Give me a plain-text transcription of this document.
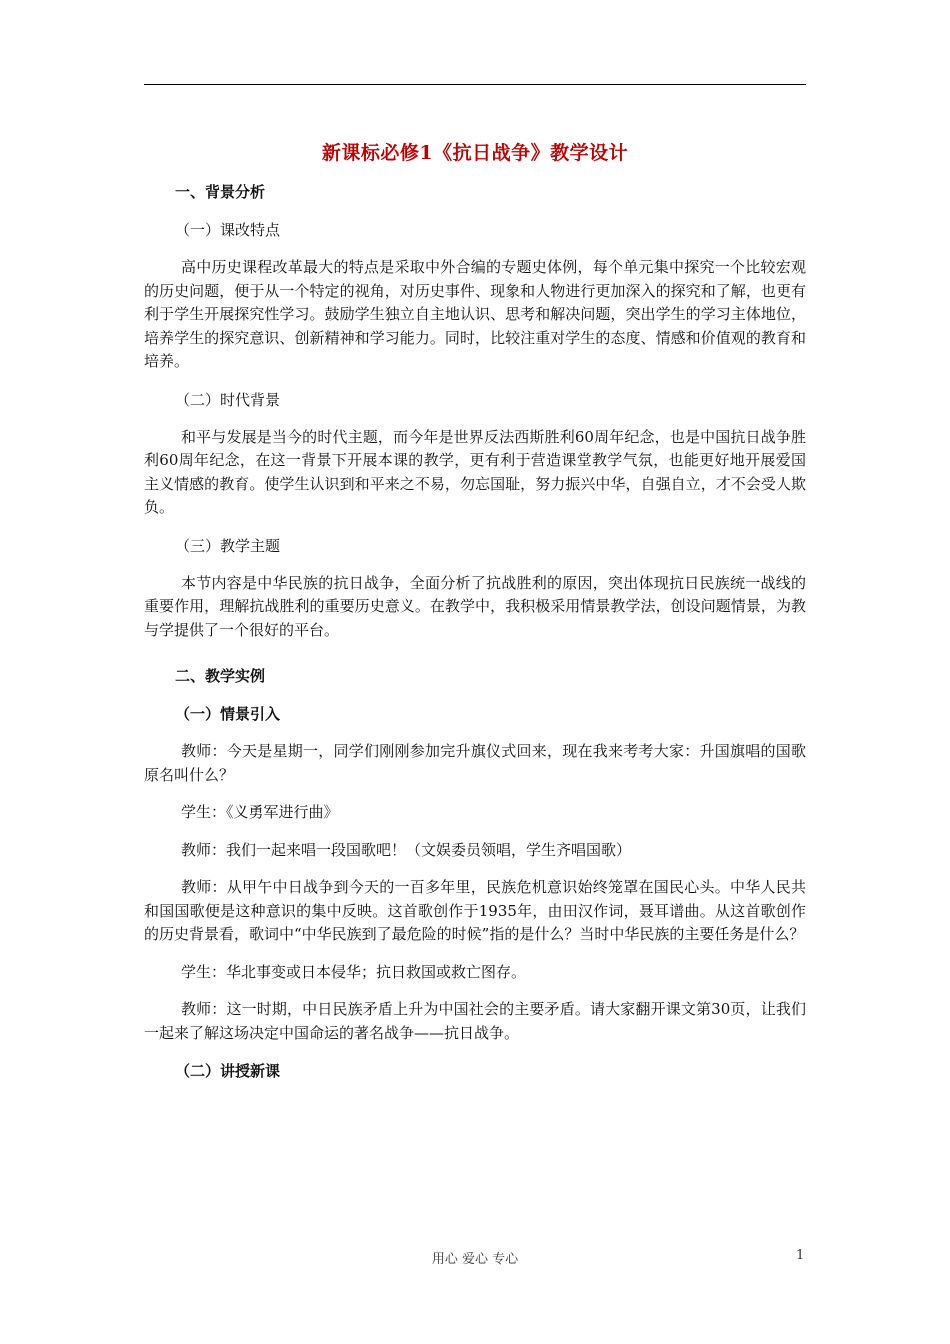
新课标必修1《抗日战争》教学设计
一、背景分析
（一）课改特点

高中历史课程改革最大的特点是采取中外合编的专题史体例，每个单元集中探究一个比较宏观的历史问题，便于从一个特定的视角，对历史事件、现象和人物进行更加深入的探究和了解，也更有利于学生开展探究性学习。鼓励学生独立自主地认识、思考和解决问题，突出学生的学习主体地位，培养学生的探究意识、创新精神和学习能力。同时，比较注重对学生的态度、情感和价值观的教育和培养。

（二）时代背景

和平与发展是当今的时代主题，而今年是世界反法西斯胜利60周年纪念，也是中国抗日战争胜利60周年纪念，在这一背景下开展本课的教学，更有利于营造课堂教学气氛，也能更好地开展爱国主义情感的教育。使学生认识到和平来之不易，勿忘国耻，努力振兴中华，自强自立，才不会受人欺负。

（三）教学主题

本节内容是中华民族的抗日战争，全面分析了抗战胜利的原因，突出体现抗日民族统一战线的重要作用，理解抗战胜利的重要历史意义。在教学中，我积极采用情景教学法，创设问题情景，为教与学提供了一个很好的平台。

二、教学实例
（一）情景引入

教师：今天是星期一，同学们刚刚参加完升旗仪式回来，现在我来考考大家：升国旗唱的国歌原名叫什么？

学生：《义勇军进行曲》

教师：我们一起来唱一段国歌吧！（文娱委员领唱，学生齐唱国歌）

教师：从甲午中日战争到今天的一百多年里，民族危机意识始终笼罩在国民心头。中华人民共和国国歌便是这种意识的集中反映。这首歌创作于1935年，由田汉作词，聂耳谱曲。从这首歌创作的历史背景看，歌词中“中华民族到了最危险的时候”指的是什么？当时中华民族的主要任务是什么？

学生：华北事变或日本侵华；抗日救国或救亡图存。

教师：这一时期，中日民族矛盾上升为中国社会的主要矛盾。请大家翻开课文第30页，让我们一起来了解这场决定中国命运的著名战争——抗日战争。

（二）讲授新课
用心 爱心 专心	1
